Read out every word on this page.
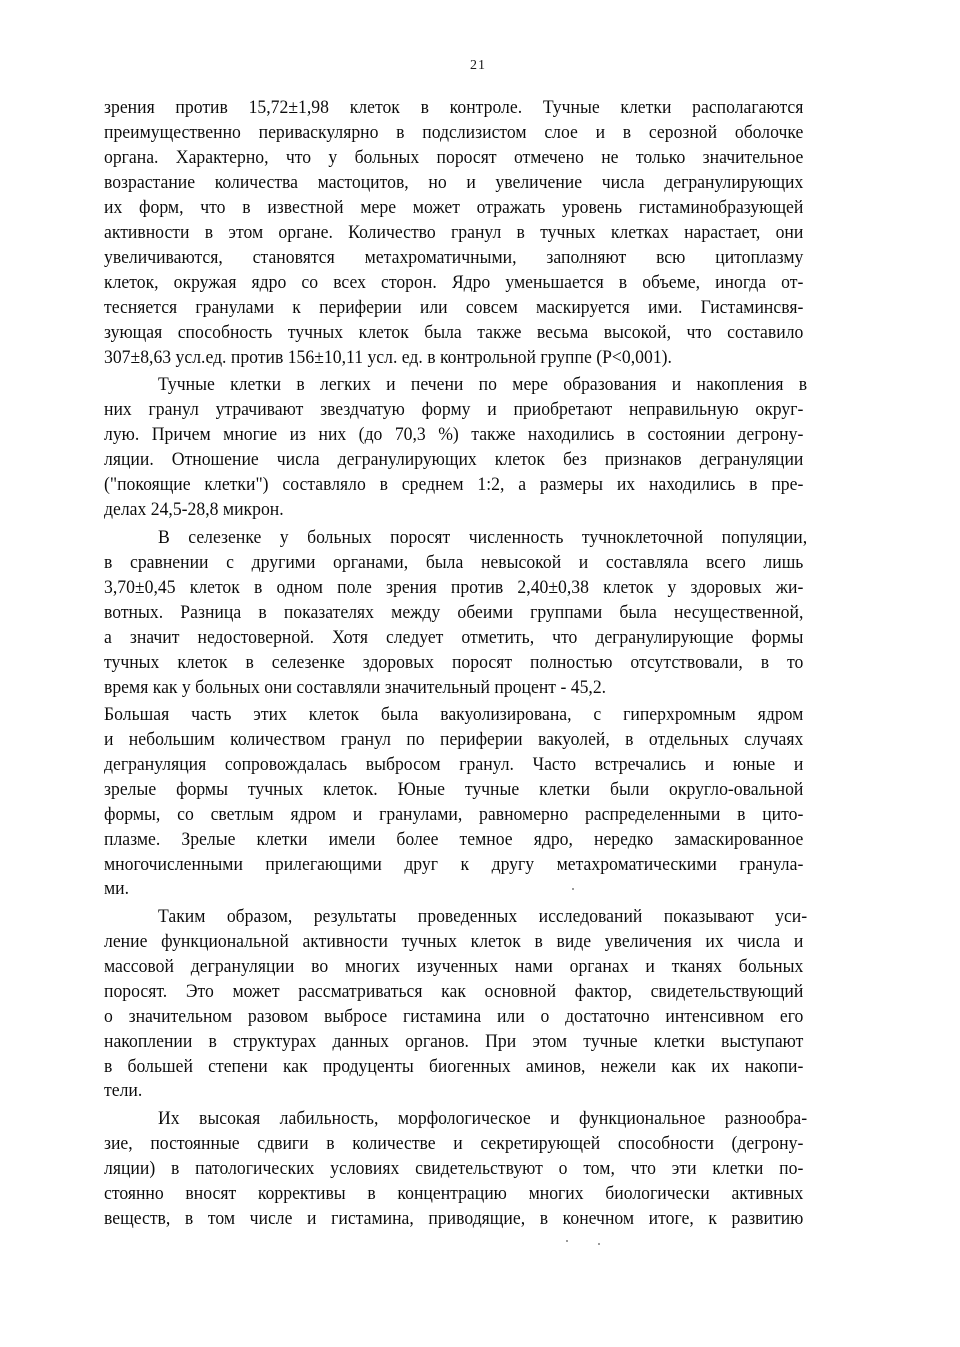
21
зрения против 15,72±1,98 клеток в контроле. Тучные клетки располагаются
преимущественно периваскулярно в подслизистом слое и в серозной оболочке
органа. Характерно, что у больных поросят отмечено не только значительное
возрастание количества мастоцитов, но и увеличение числа дегранулирующих
их форм, что в известной мере может отражать уровень гистаминобразующей
активности в этом органе. Количество гранул в тучных клетках нарастает, они
увеличиваются, становятся метахроматичными, заполняют всю цитоплазму
клеток, окружая ядро со всех сторон. Ядро уменьшается в объеме, иногда от-
тесняется гранулами к периферии или совсем маскируется ими. Гистаминсвя-
зующая способность тучных клеток была также весьма высокой, что составило
307±8,63 усл.ед. против 156±10,11 усл. ед. в контрольной группе (Р<0,001).
Тучные клетки в легких и печени по мере образования и накопления в
них гранул утрачивают звездчатую форму и приобретают неправильную округ-
лую. Причем многие из них (до 70,3 %) также находились в состоянии дегрону-
ляции. Отношение числа дегранулирующих клеток без признаков дегрануляции
("покоящие клетки") составляло в среднем 1:2, а размеры их находились в пре-
делах 24,5-28,8 микрон.
В селезенке у больных поросят численность тучноклеточной популяции,
в сравнении с другими органами, была невысокой и составляла всего лишь
3,70±0,45 клеток в одном поле зрения против 2,40±0,38 клеток у здоровых жи-
вотных. Разница в показателях между обеими группами была несущественной,
а значит недостоверной. Хотя следует отметить, что дегранулирующие формы
тучных клеток в селезенке здоровых поросят полностью отсутствовали, в то
время как у больных они составляли значительный процент - 45,2.
Большая часть этих клеток была вакуолизирована, с гиперхромным ядром
и небольшим количеством гранул по периферии вакуолей, в отдельных случаях
дегрануляция сопровождалась выбросом гранул. Часто встречались и юные и
зрелые формы тучных клеток. Юные тучные клетки были округло-овальной
формы, со светлым ядром и гранулами, равномерно распределенными в цито-
плазме. Зрелые клетки имели более темное ядро, нередко замаскированное
многочисленными прилегающими друг к другу метахроматическими гранула-
ми.
Таким образом, результаты проведенных исследований показывают уси-
ление функциональной активности тучных клеток в виде увеличения их числа и
массовой дегрануляции во многих изученных нами органах и тканях больных
поросят. Это может рассматриваться как основной фактор, свидетельствующий
о значительном разовом выбросе гистамина или о достаточно интенсивном его
накоплении в структурах данных органов. При этом тучные клетки выступают
в большей степени как продуценты биогенных аминов, нежели как их накопи-
тели.
Их высокая лабильность, морфологическое и функциональное разнообра-
зие, постоянные сдвиги в количестве и секретирующей способности (дегрону-
ляции) в патологических условиях свидетельствуют о том, что эти клетки по-
стоянно вносят коррективы в концентрацию многих биологически активных
веществ, в том числе и гистамина, приводящие, в конечном итоге, к развитию
